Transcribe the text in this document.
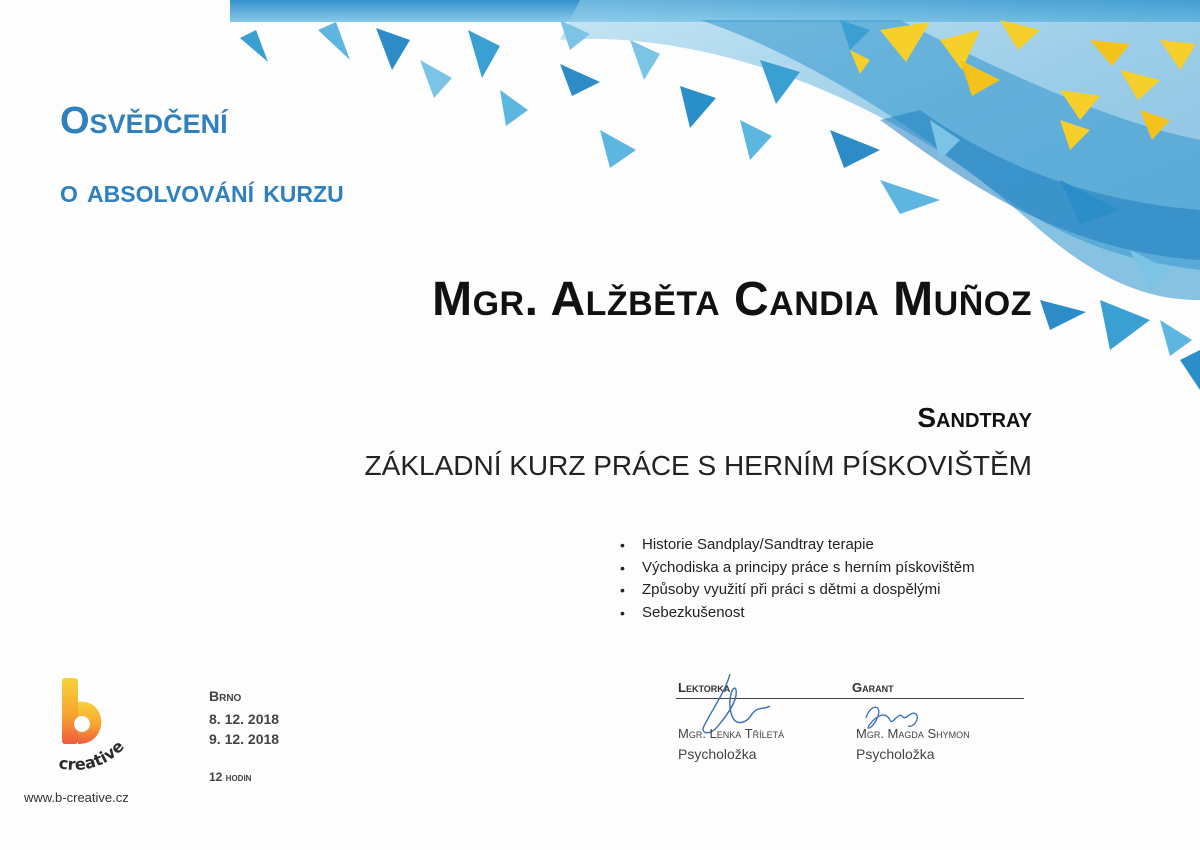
Osvědčení
o absolvování kurzu
Mgr. Alžběta Candia Muñoz
Sandtray
ZÁKLADNÍ KURZ PRÁCE S HERNÍM PÍSKOVIŠTĚM
• Historie Sandplay/Sandtray terapie
• Východiska a principy práce s herním pískovištěm
• Způsoby využití při práci s dětmi a dospělými
• Sebezkušenost
Lektorka	Garant
Mgr. Lenka Tříletá	Mgr. Magda Shymon
Psycholožka	Psycholožka
Brno
8. 12. 2018
9. 12. 2018
12 hodin
creative
www.b-creative.cz
